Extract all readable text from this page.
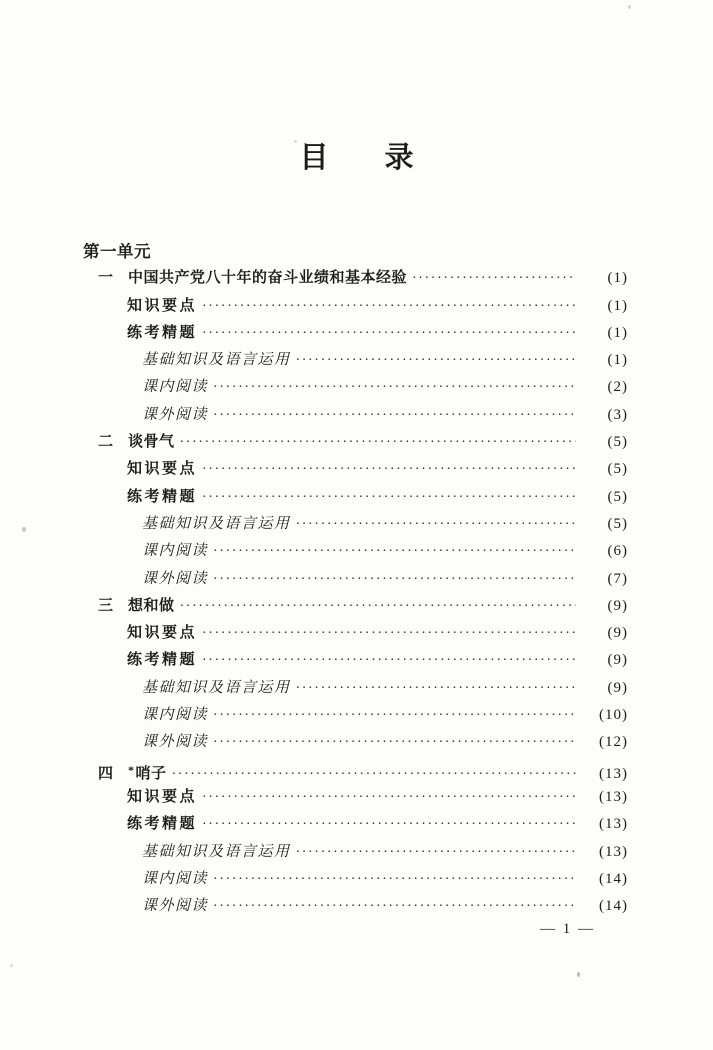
目 录
第一单元
一 中国共产党八十年的奋斗业绩和基本经验 ·····	(1)
知识要点 ·····	(1)
练考精题 ·····	(1)
基础知识及语言运用 ·····	(1)
课内阅读 ·····	(2)
课外阅读 ·····	(3)
二 谈骨气 ·····	(5)
知识要点 ·····	(5)
练考精题 ·····	(5)
基础知识及语言运用 ·····	(5)
课内阅读 ·····	(6)
课外阅读 ·····	(7)
三 想和做 ·····	(9)
知识要点 ·····	(9)
练考精题 ·····	(9)
基础知识及语言运用 ·····	(9)
课内阅读 ·····	(10)
课外阅读 ·····	(12)
四	*哨子 ·····	(13)
知识要点 ·····	(13)
练考精题 ·····	(13)
基础知识及语言运用 ·····	(13)
课内阅读 ·····	(14)
课外阅读 ·····	(14)
— 1 —
